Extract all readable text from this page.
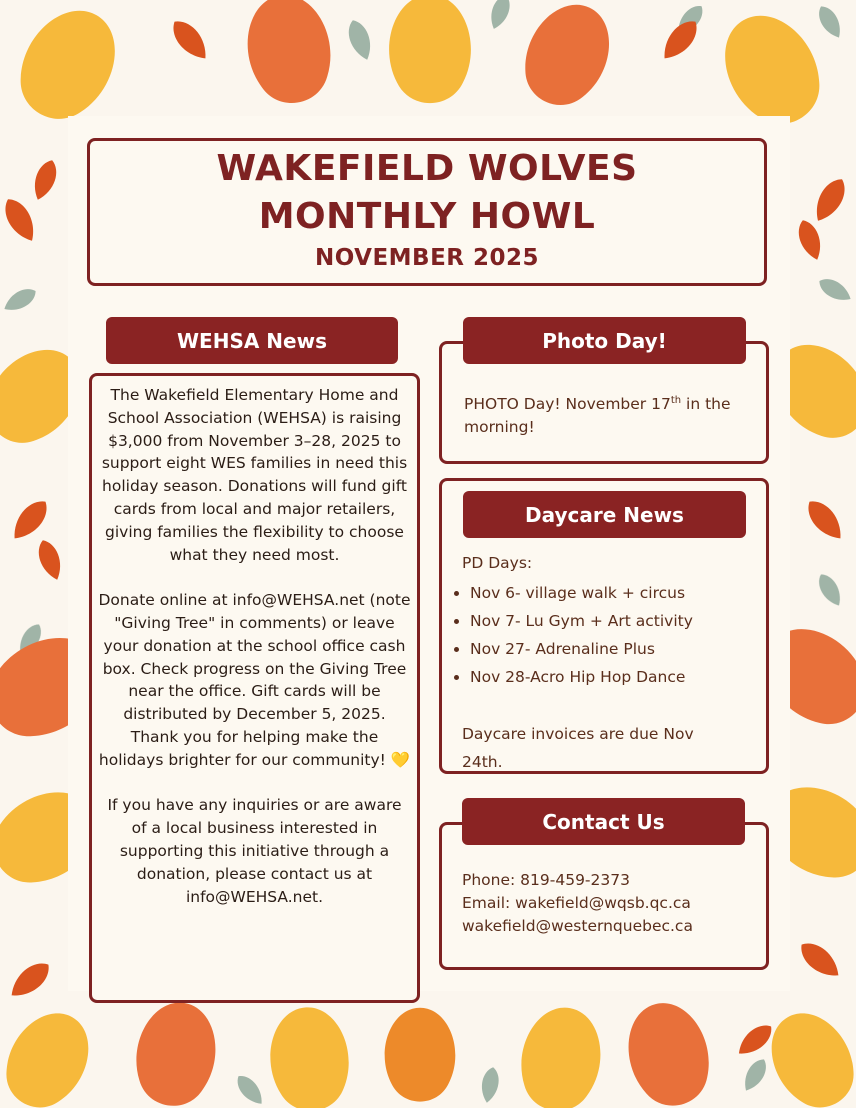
WAKEFIELD WOLVES
MONTHLY HOWL
NOVEMBER 2025

The Wakefield Elementary Home and School Association (WEHSA) is raising $3,000 from November 3–28, 2025 to support eight WES families in need this holiday season. Donations will fund gift cards from local and major retailers, giving families the flexibility to choose what they need most.

Donate online at info@WEHSA.net (note "Giving Tree" in comments) or leave your donation at the school office cash box. Check progress on the Giving Tree near the office. Gift cards will be distributed by December 5, 2025. Thank you for helping make the holidays brighter for our community! 💛

If you have any inquiries or are aware of a local business interested in supporting this initiative through a donation, please contact us at info@WEHSA.net.

WEHSA News
PHOTO Day! November 17th in the morning!
Photo Day!
PD Days:
• Nov 6- village walk + circus
• Nov 7- Lu Gym + Art activity
• Nov 27- Adrenaline Plus
• Nov 28-Acro Hip Hop Dance
Daycare invoices are due Nov 24th.
Daycare News
Phone: 819-459-2373
Email: wakefield@wqsb.qc.ca
wakefield@westernquebec.ca
Contact Us
